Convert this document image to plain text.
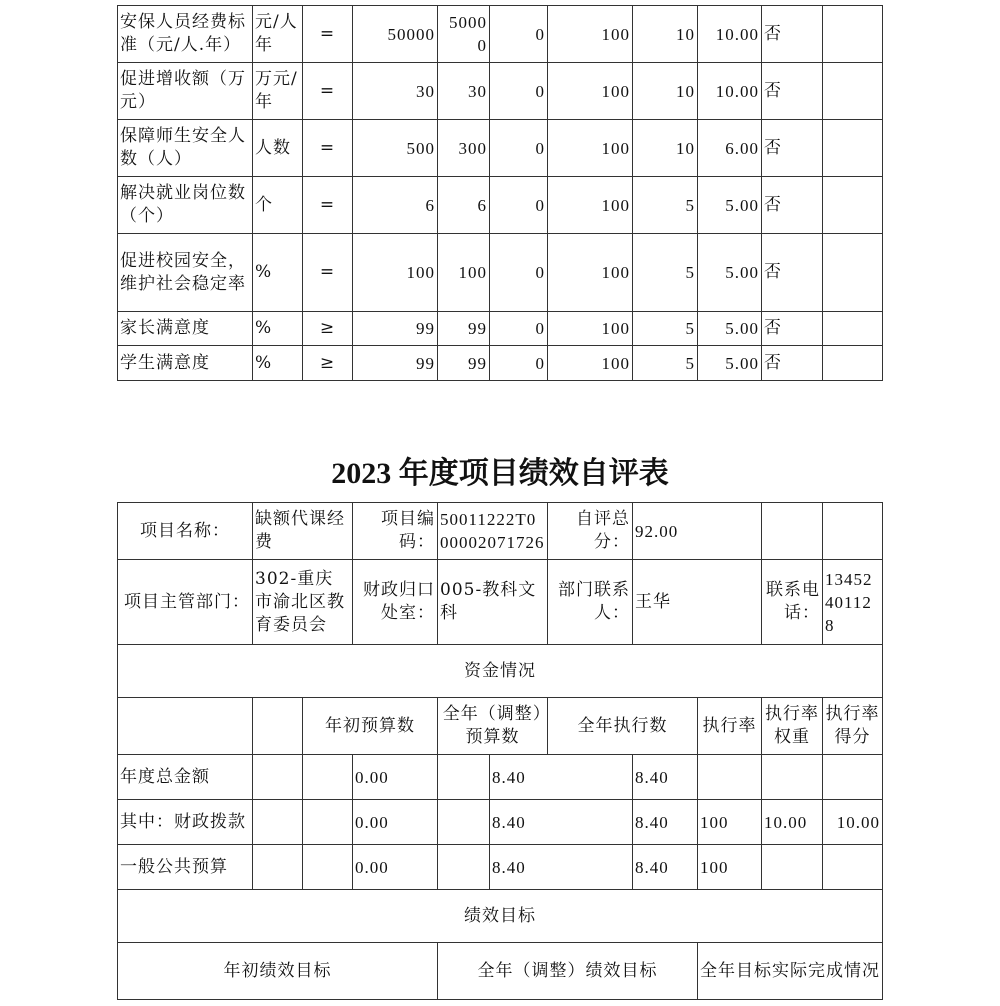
安保人员经费标准（元/人.年）	元/人年	=	50000	50000	0	100	10	10.00	否	
促进增收额（万元）	万元/年	=	30	30	0	100	10	10.00	否	
保障师生安全人数（人）	人数	=	500	300	0	100	10	6.00	否	
解决就业岗位数（个）	个	=	6	6	0	100	5	5.00	否	
促进校园安全，维护社会稳定率	%	=	100	100	0	100	5	5.00	否	
家长满意度	%	≥	99	99	0	100	5	5.00	否	
学生满意度	%	≥	99	99	0	100	5	5.00	否	
2023 年度项目绩效自评表
项目名称：	缺额代课经费		项目编码：	50011222T000002071726		自评总分：	92.00			
项目主管部门：	302-重庆市渝北区教育委员会		财政归口处室：	005-教科文科		部门联系人：	王华		联系电话：	13452401128
资金情况										
		年初预算数		全年（调整）预算数		全年执行数		执行率	执行率权重	执行率得分
年度总金额			0.00		8.40		8.40			
其中：财政拨款			0.00		8.40		8.40	100	10.00	10.00
一般公共预算			0.00		8.40		8.40	100		
绩效目标										
年初绩效目标				全年（调整）绩效目标				全年目标实际完成情况		
